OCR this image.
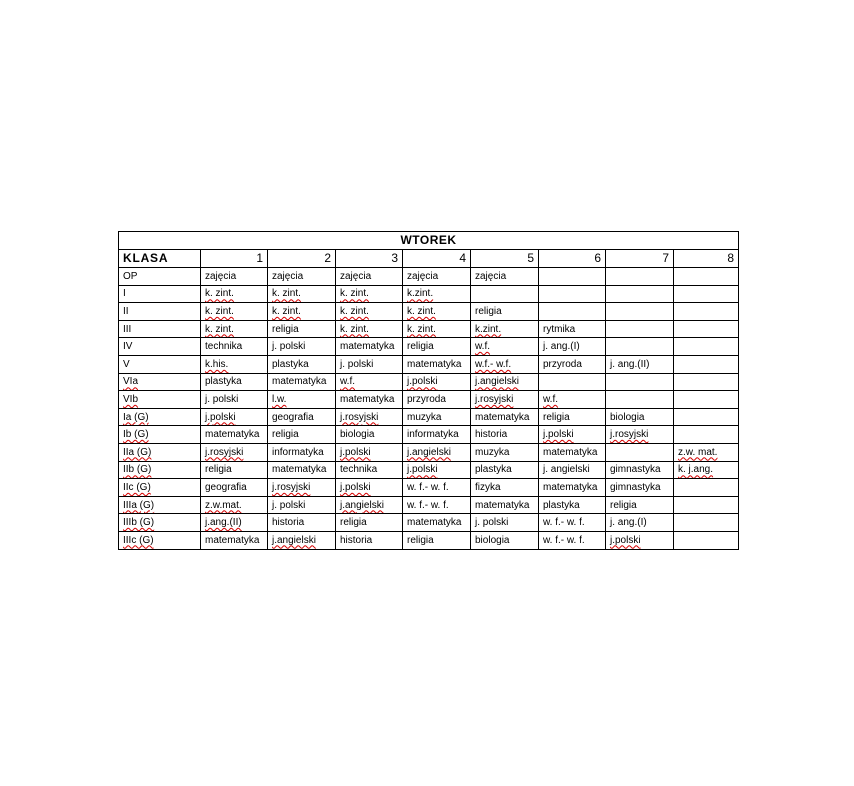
WTOREK								
KLASA	1	2	3	4	5	6	7	8
OP	zajęcia	zajęcia	zajęcia	zajęcia	zajęcia			
I	k. zint.	k. zint.	k. zint.	k.zint.				
II	k. zint.	k. zint.	k. zint.	k. zint.	religia			
III	k. zint.	religia	k. zint.	k. zint.	k.zint.	rytmika		
IV	technika	j. polski	matematyka	religia	w.f.	j. ang.(I)		
V	k.his.	plastyka	j. polski	matematyka	w.f.- w.f.	przyroda	j. ang.(II)	
VIa	plastyka	matematyka	w.f.	j.polski	j.angielski			
VIb	j. polski	l.w.	matematyka	przyroda	j.rosyjski	w.f.		
Ia (G)	j.polski	geografia	j.rosyjski	muzyka	matematyka	religia	biologia	
Ib (G)	matematyka	religia	biologia	informatyka	historia	j.polski	j.rosyjski	
IIa (G)	j.rosyjski	informatyka	j.polski	j.angielski	muzyka	matematyka		z.w. mat.
IIb (G)	religia	matematyka	technika	j.polski	plastyka	j. angielski	gimnastyka	k. j.ang.
IIc (G)	geografia	j.rosyjski	j.polski	w. f.- w. f.	fizyka	matematyka	gimnastyka	
IIIa (G)	z.w.mat.	j. polski	j.angielski	w. f.- w. f.	matematyka	plastyka	religia	
IIIb (G)	j.ang.(II)	historia	religia	matematyka	j. polski	w. f.- w. f.	j. ang.(I)	
IIIc (G)	matematyka	j.angielski	historia	religia	biologia	w. f.- w. f.	j.polski	
